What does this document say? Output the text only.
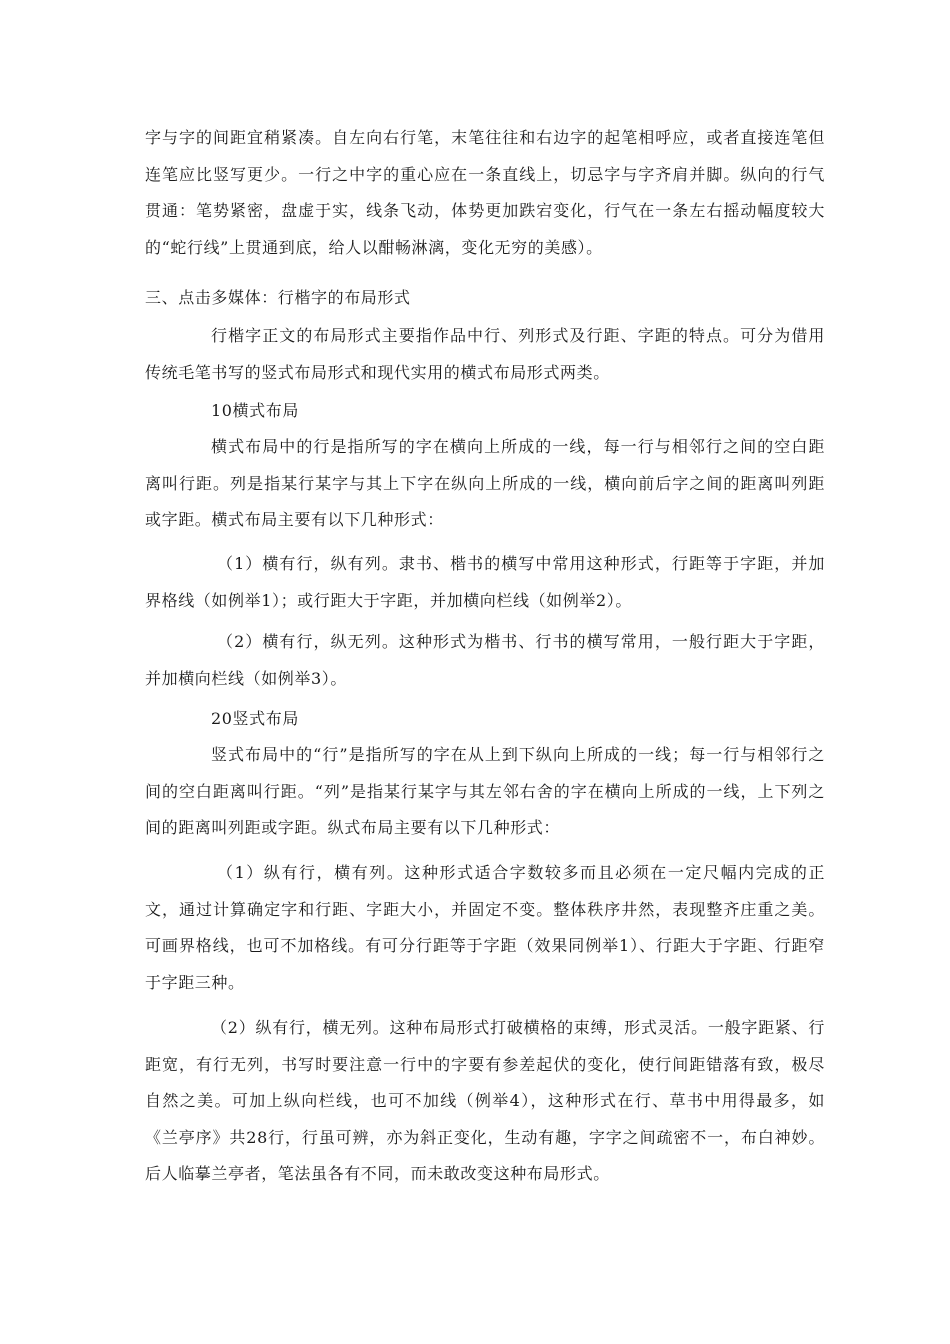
字与字的间距宜稍紧凑。自左向右行笔，末笔往往和右边字的起笔相呼应，或者直接连笔但连笔应比竖写更少。一行之中字的重心应在一条直线上，切忌字与字齐肩并脚。纵向的行气贯通：笔势紧密，盘虚于实，线条飞动，体势更加跌宕变化，行气在一条左右摇动幅度较大的“蛇行线”上贯通到底，给人以酣畅淋漓，变化无穷的美感）。

三、点击多媒体：行楷字的布局形式

行楷字正文的布局形式主要指作品中行、列形式及行距、字距的特点。可分为借用传统毛笔书写的竖式布局形式和现代实用的横式布局形式两类。

10横式布局

横式布局中的行是指所写的字在横向上所成的一线，每一行与相邻行之间的空白距离叫行距。列是指某行某字与其上下字在纵向上所成的一线，横向前后字之间的距离叫列距或字距。横式布局主要有以下几种形式：

（1）横有行，纵有列。隶书、楷书的横写中常用这种形式，行距等于字距，并加界格线（如例举1）；或行距大于字距，并加横向栏线（如例举2）。

（2）横有行，纵无列。这种形式为楷书、行书的横写常用，一般行距大于字距，并加横向栏线（如例举3）。

20竖式布局

竖式布局中的“行”是指所写的字在从上到下纵向上所成的一线；每一行与相邻行之间的空白距离叫行距。“列”是指某行某字与其左邻右舍的字在横向上所成的一线，上下列之间的距离叫列距或字距。纵式布局主要有以下几种形式：

（1）纵有行，横有列。这种形式适合字数较多而且必须在一定尺幅内完成的正文，通过计算确定字和行距、字距大小，并固定不变。整体秩序井然，表现整齐庄重之美。可画界格线，也可不加格线。有可分行距等于字距（效果同例举1）、行距大于字距、行距窄于字距三种。

（2）纵有行，横无列。这种布局形式打破横格的束缚，形式灵活。一般字距紧、行距宽，有行无列，书写时要注意一行中的字要有参差起伏的变化，使行间距错落有致，极尽自然之美。可加上纵向栏线，也可不加线（例举4），这种形式在行、草书中用得最多，如《兰亭序》共28行，行虽可辨，亦为斜正变化，生动有趣，字字之间疏密不一，布白神妙。后人临摹兰亭者，笔法虽各有不同，而未敢改变这种布局形式。
